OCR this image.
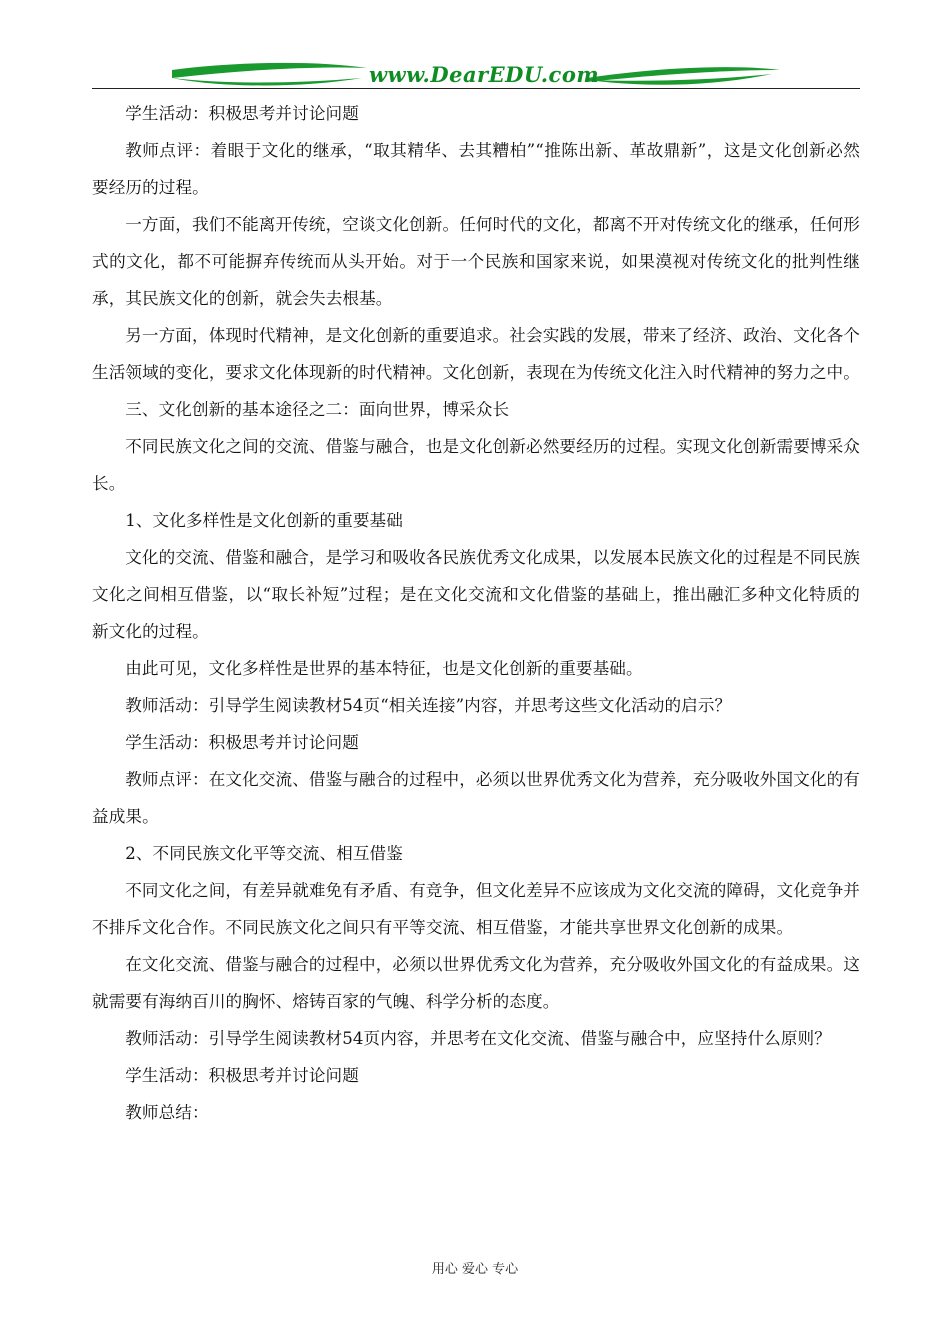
www.DearEDU.com

学生活动：积极思考并讨论问题

教师点评：着眼于文化的继承，“取其精华、去其糟柏”“推陈出新、革故鼎新”，这是文化创新必然要经历的过程。

一方面，我们不能离开传统，空谈文化创新。任何时代的文化，都离不开对传统文化的继承，任何形式的文化，都不可能摒弃传统而从头开始。对于一个民族和国家来说，如果漠视对传统文化的批判性继承，其民族文化的创新，就会失去根基。

另一方面，体现时代精神，是文化创新的重要追求。社会实践的发展，带来了经济、政治、文化各个生活领域的变化，要求文化体现新的时代精神。文化创新，表现在为传统文化注入时代精神的努力之中。

三、文化创新的基本途径之二：面向世界，博采众长

不同民族文化之间的交流、借鉴与融合，也是文化创新必然要经历的过程。实现文化创新需要博采众长。

1、文化多样性是文化创新的重要基础

文化的交流、借鉴和融合，是学习和吸收各民族优秀文化成果，以发展本民族文化的过程是不同民族文化之间相互借鉴，以“取长补短”过程；是在文化交流和文化借鉴的基础上，推出融汇多种文化特质的新文化的过程。

由此可见，文化多样性是世界的基本特征，也是文化创新的重要基础。

教师活动：引导学生阅读教材54页“相关连接”内容，并思考这些文化活动的启示？

学生活动：积极思考并讨论问题

教师点评：在文化交流、借鉴与融合的过程中，必须以世界优秀文化为营养，充分吸收外国文化的有益成果。

2、不同民族文化平等交流、相互借鉴

不同文化之间，有差异就难免有矛盾、有竞争，但文化差异不应该成为文化交流的障碍，文化竞争并不排斥文化合作。不同民族文化之间只有平等交流、相互借鉴，才能共享世界文化创新的成果。

在文化交流、借鉴与融合的过程中，必须以世界优秀文化为营养，充分吸收外国文化的有益成果。这就需要有海纳百川的胸怀、熔铸百家的气魄、科学分析的态度。

教师活动：引导学生阅读教材54页内容，并思考在文化交流、借鉴与融合中，应坚持什么原则？

学生活动：积极思考并讨论问题

教师总结：

用心 爱心 专心
